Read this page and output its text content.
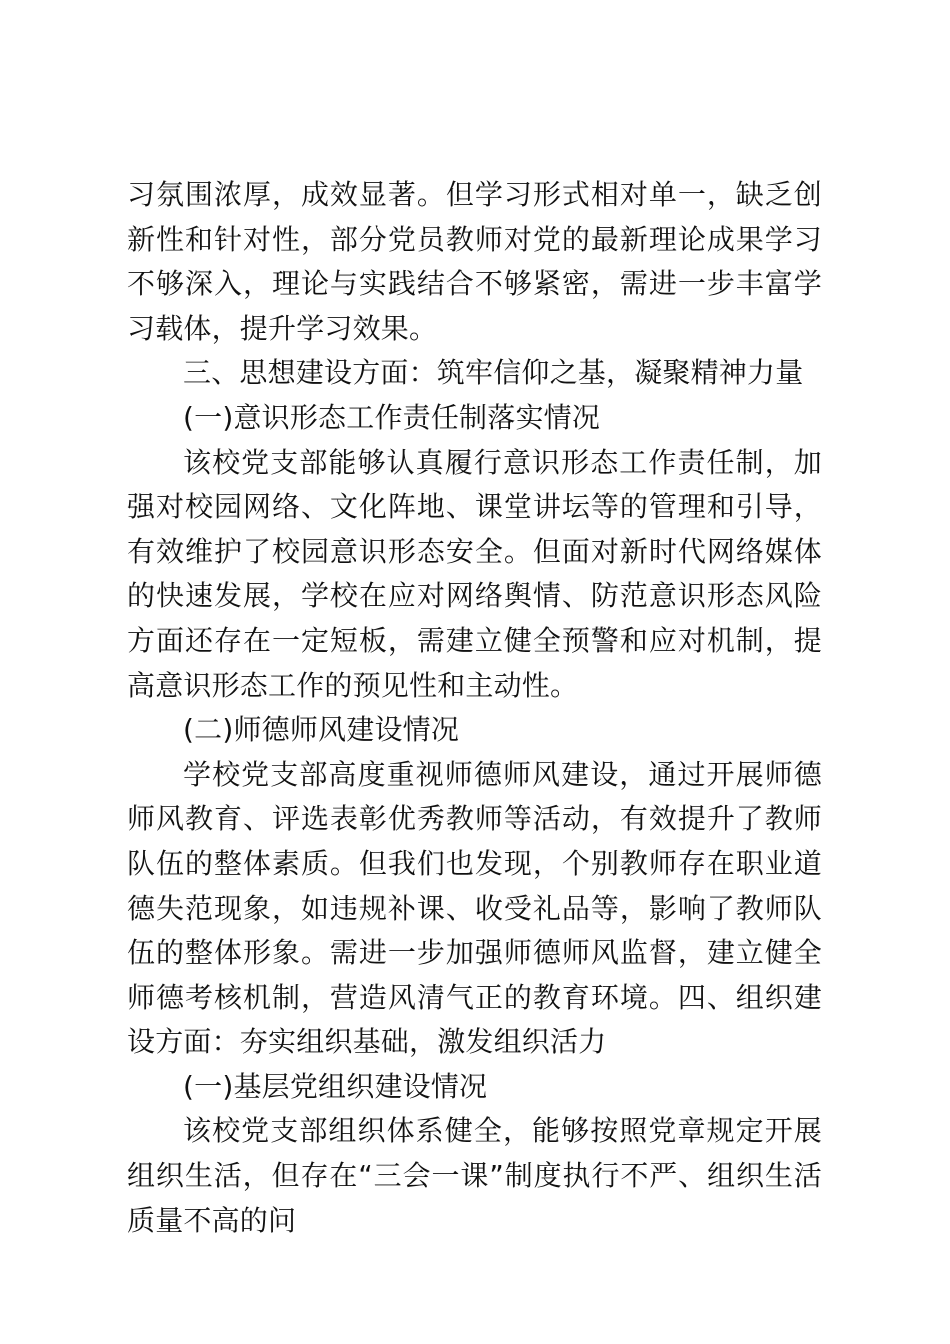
习氛围浓厚，成效显著。但学习形式相对单一，缺乏创新性和针对性，部分党员教师对党的最新理论成果学习不够深入，理论与实践结合不够紧密，需进一步丰富学习载体，提升学习效果。

三、思想建设方面：筑牢信仰之基，凝聚精神力量

(一)意识形态工作责任制落实情况

该校党支部能够认真履行意识形态工作责任制，加强对校园网络、文化阵地、课堂讲坛等的管理和引导，有效维护了校园意识形态安全。但面对新时代网络媒体的快速发展，学校在应对网络舆情、防范意识形态风险方面还存在一定短板，需建立健全预警和应对机制，提高意识形态工作的预见性和主动性。

(二)师德师风建设情况

学校党支部高度重视师德师风建设，通过开展师德师风教育、评选表彰优秀教师等活动，有效提升了教师队伍的整体素质。但我们也发现，个别教师存在职业道德失范现象，如违规补课、收受礼品等，影响了教师队伍的整体形象。需进一步加强师德师风监督，建立健全师德考核机制，营造风清气正的教育环境。四、组织建设方面：夯实组织基础，激发组织活力

(一)基层党组织建设情况

该校党支部组织体系健全，能够按照党章规定开展组织生活，但存在“三会一课”制度执行不严、组织生活质量不高的问
